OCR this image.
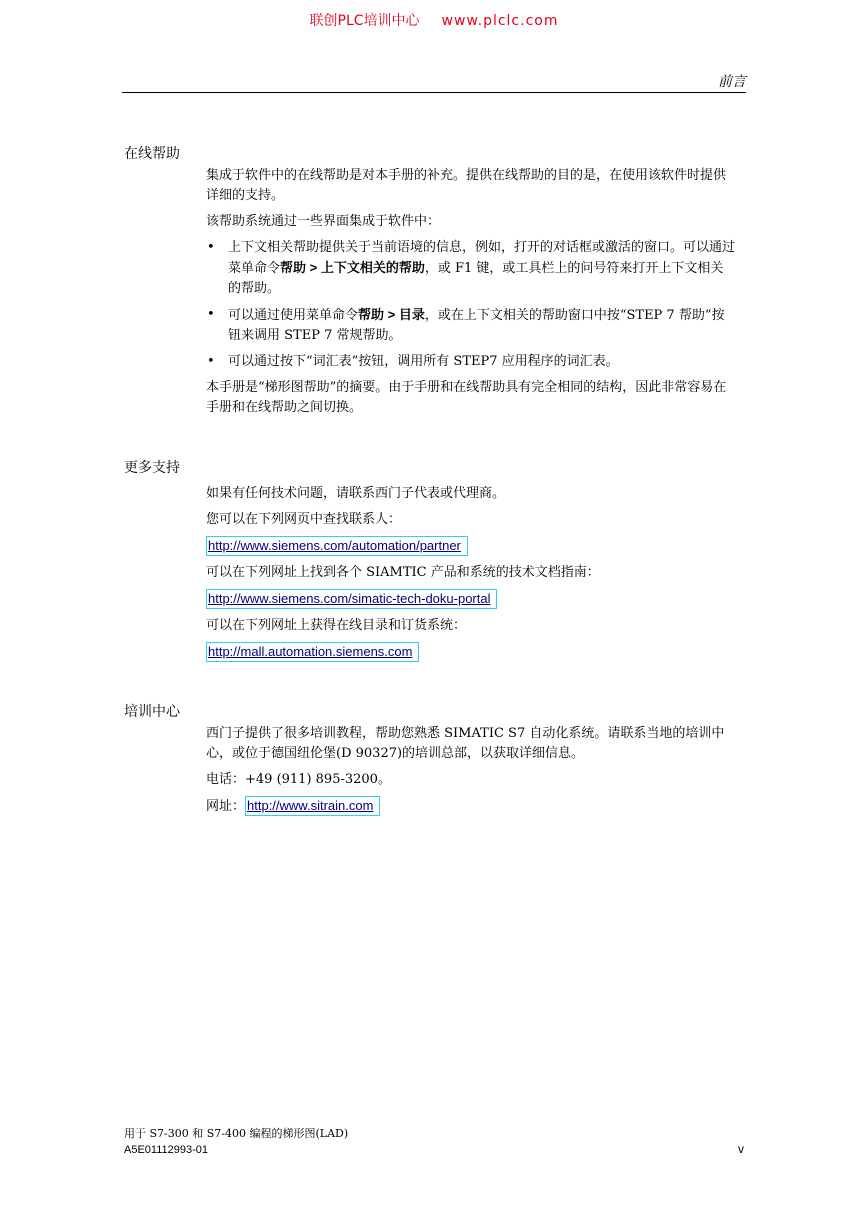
联创PLC培训中心 www.plclc.com
前言
在线帮助

集成于软件中的在线帮助是对本手册的补充。提供在线帮助的目的是，在使用该软件时提供详细的支持。

该帮助系统通过一些界面集成于软件中：

• 上下文相关帮助提供关于当前语境的信息，例如，打开的对话框或激活的窗口。可以通过菜单命令帮助 > 上下文相关的帮助，或 F1 键，或工具栏上的问号符来打开上下文相关的帮助。
• 可以通过使用菜单命令帮助 > 目录，或在上下文相关的帮助窗口中按“STEP 7 帮助”按钮来调用 STEP 7 常规帮助。
• 可以通过按下“词汇表”按钮，调用所有 STEP7 应用程序的词汇表。

本手册是“梯形图帮助”的摘要。由于手册和在线帮助具有完全相同的结构，因此非常容易在手册和在线帮助之间切换。

更多支持

如果有任何技术问题，请联系西门子代表或代理商。

您可以在下列网页中查找联系人：

http://www.siemens.com/automation/partner

可以在下列网址上找到各个 SIAMTIC 产品和系统的技术文档指南：

http://www.siemens.com/simatic-tech-doku-portal

可以在下列网址上获得在线目录和订货系统：

http://mall.automation.siemens.com
培训中心

西门子提供了很多培训教程，帮助您熟悉 SIMATIC S7 自动化系统。请联系当地的培训中心，或位于德国纽伦堡(D 90327)的培训总部，以获取详细信息。

电话：+49 (911) 895-3200。

网址： http://www.sitrain.com
用于 S7-300 和 S7-400 编程的梯形图(LAD)
A5E01112993-01	v
